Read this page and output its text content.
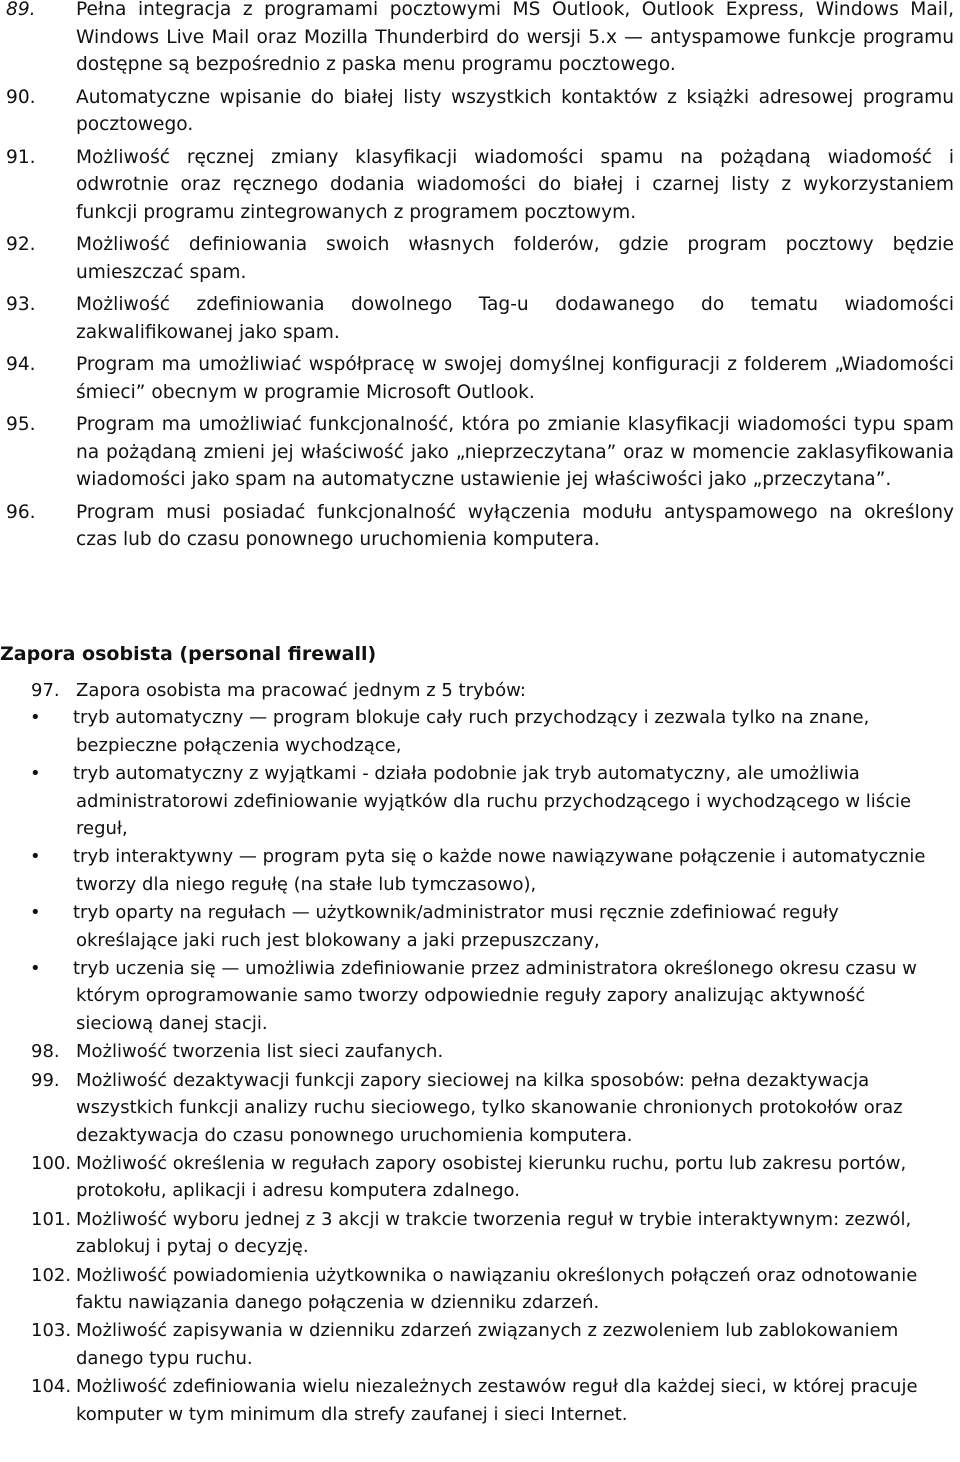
89. Pełna integracja z programami pocztowymi MS Outlook, Outlook Express, Windows Mail, Windows Live Mail oraz Mozilla Thunderbird do wersji 5.x — antyspamowe funkcje programu dostępne są bezpośrednio z paska menu programu pocztowego.
90. Automatyczne wpisanie do białej listy wszystkich kontaktów z książki adresowej programu pocztowego.
91. Możliwość ręcznej zmiany klasyfikacji wiadomości spamu na pożądaną wiadomość i odwrotnie oraz ręcznego dodania wiadomości do białej i czarnej listy z wykorzystaniem funkcji programu zintegrowanych z programem pocztowym.
92. Możliwość definiowania swoich własnych folderów, gdzie program pocztowy będzie umieszczać spam.
93. Możliwość zdefiniowania dowolnego Tag-u dodawanego do tematu wiadomości zakwalifikowanej jako spam.
94. Program ma umożliwiać współpracę w swojej domyślnej konfiguracji z folderem „Wiadomości śmieci” obecnym w programie Microsoft Outlook.
95. Program ma umożliwiać funkcjonalność, która po zmianie klasyfikacji wiadomości typu spam na pożądaną zmieni jej właściwość jako „nieprzeczytana” oraz w momencie zaklasyfikowania wiadomości jako spam na automatyczne ustawienie jej właściwości jako „przeczytana”.
96. Program musi posiadać funkcjonalność wyłączenia modułu antyspamowego na określony czas lub do czasu ponownego uruchomienia komputera.
Zapora osobista (personal firewall)
97. Zapora osobista ma pracować jednym z 5 trybów:
• tryb automatyczny — program blokuje cały ruch przychodzący i zezwala tylko na znane, bezpieczne połączenia wychodzące,
• tryb automatyczny z wyjątkami - działa podobnie jak tryb automatyczny, ale umożliwia administratorowi zdefiniowanie wyjątków dla ruchu przychodzącego i wychodzącego w liście reguł,
• tryb interaktywny — program pyta się o każde nowe nawiązywane połączenie i automatycznie tworzy dla niego regułę (na stałe lub tymczasowo),
• tryb oparty na regułach — użytkownik/administrator musi ręcznie zdefiniować reguły określające jaki ruch jest blokowany a jaki przepuszczany,
• tryb uczenia się — umożliwia zdefiniowanie przez administratora określonego okresu czasu w którym oprogramowanie samo tworzy odpowiednie reguły zapory analizując aktywność sieciową danej stacji.
98. Możliwość tworzenia list sieci zaufanych.
99. Możliwość dezaktywacji funkcji zapory sieciowej na kilka sposobów: pełna dezaktywacja wszystkich funkcji analizy ruchu sieciowego, tylko skanowanie chronionych protokołów oraz dezaktywacja do czasu ponownego uruchomienia komputera.
100. Możliwość określenia w regułach zapory osobistej kierunku ruchu, portu lub zakresu portów, protokołu, aplikacji i adresu komputera zdalnego.
101. Możliwość wyboru jednej z 3 akcji w trakcie tworzenia reguł w trybie interaktywnym: zezwól, zablokuj i pytaj o decyzję.
102. Możliwość powiadomienia użytkownika o nawiązaniu określonych połączeń oraz odnotowanie faktu nawiązania danego połączenia w dzienniku zdarzeń.
103. Możliwość zapisywania w dzienniku zdarzeń związanych z zezwoleniem lub zablokowaniem danego typu ruchu.
104. Możliwość zdefiniowania wielu niezależnych zestawów reguł dla każdej sieci, w której pracuje komputer w tym minimum dla strefy zaufanej i sieci Internet.
